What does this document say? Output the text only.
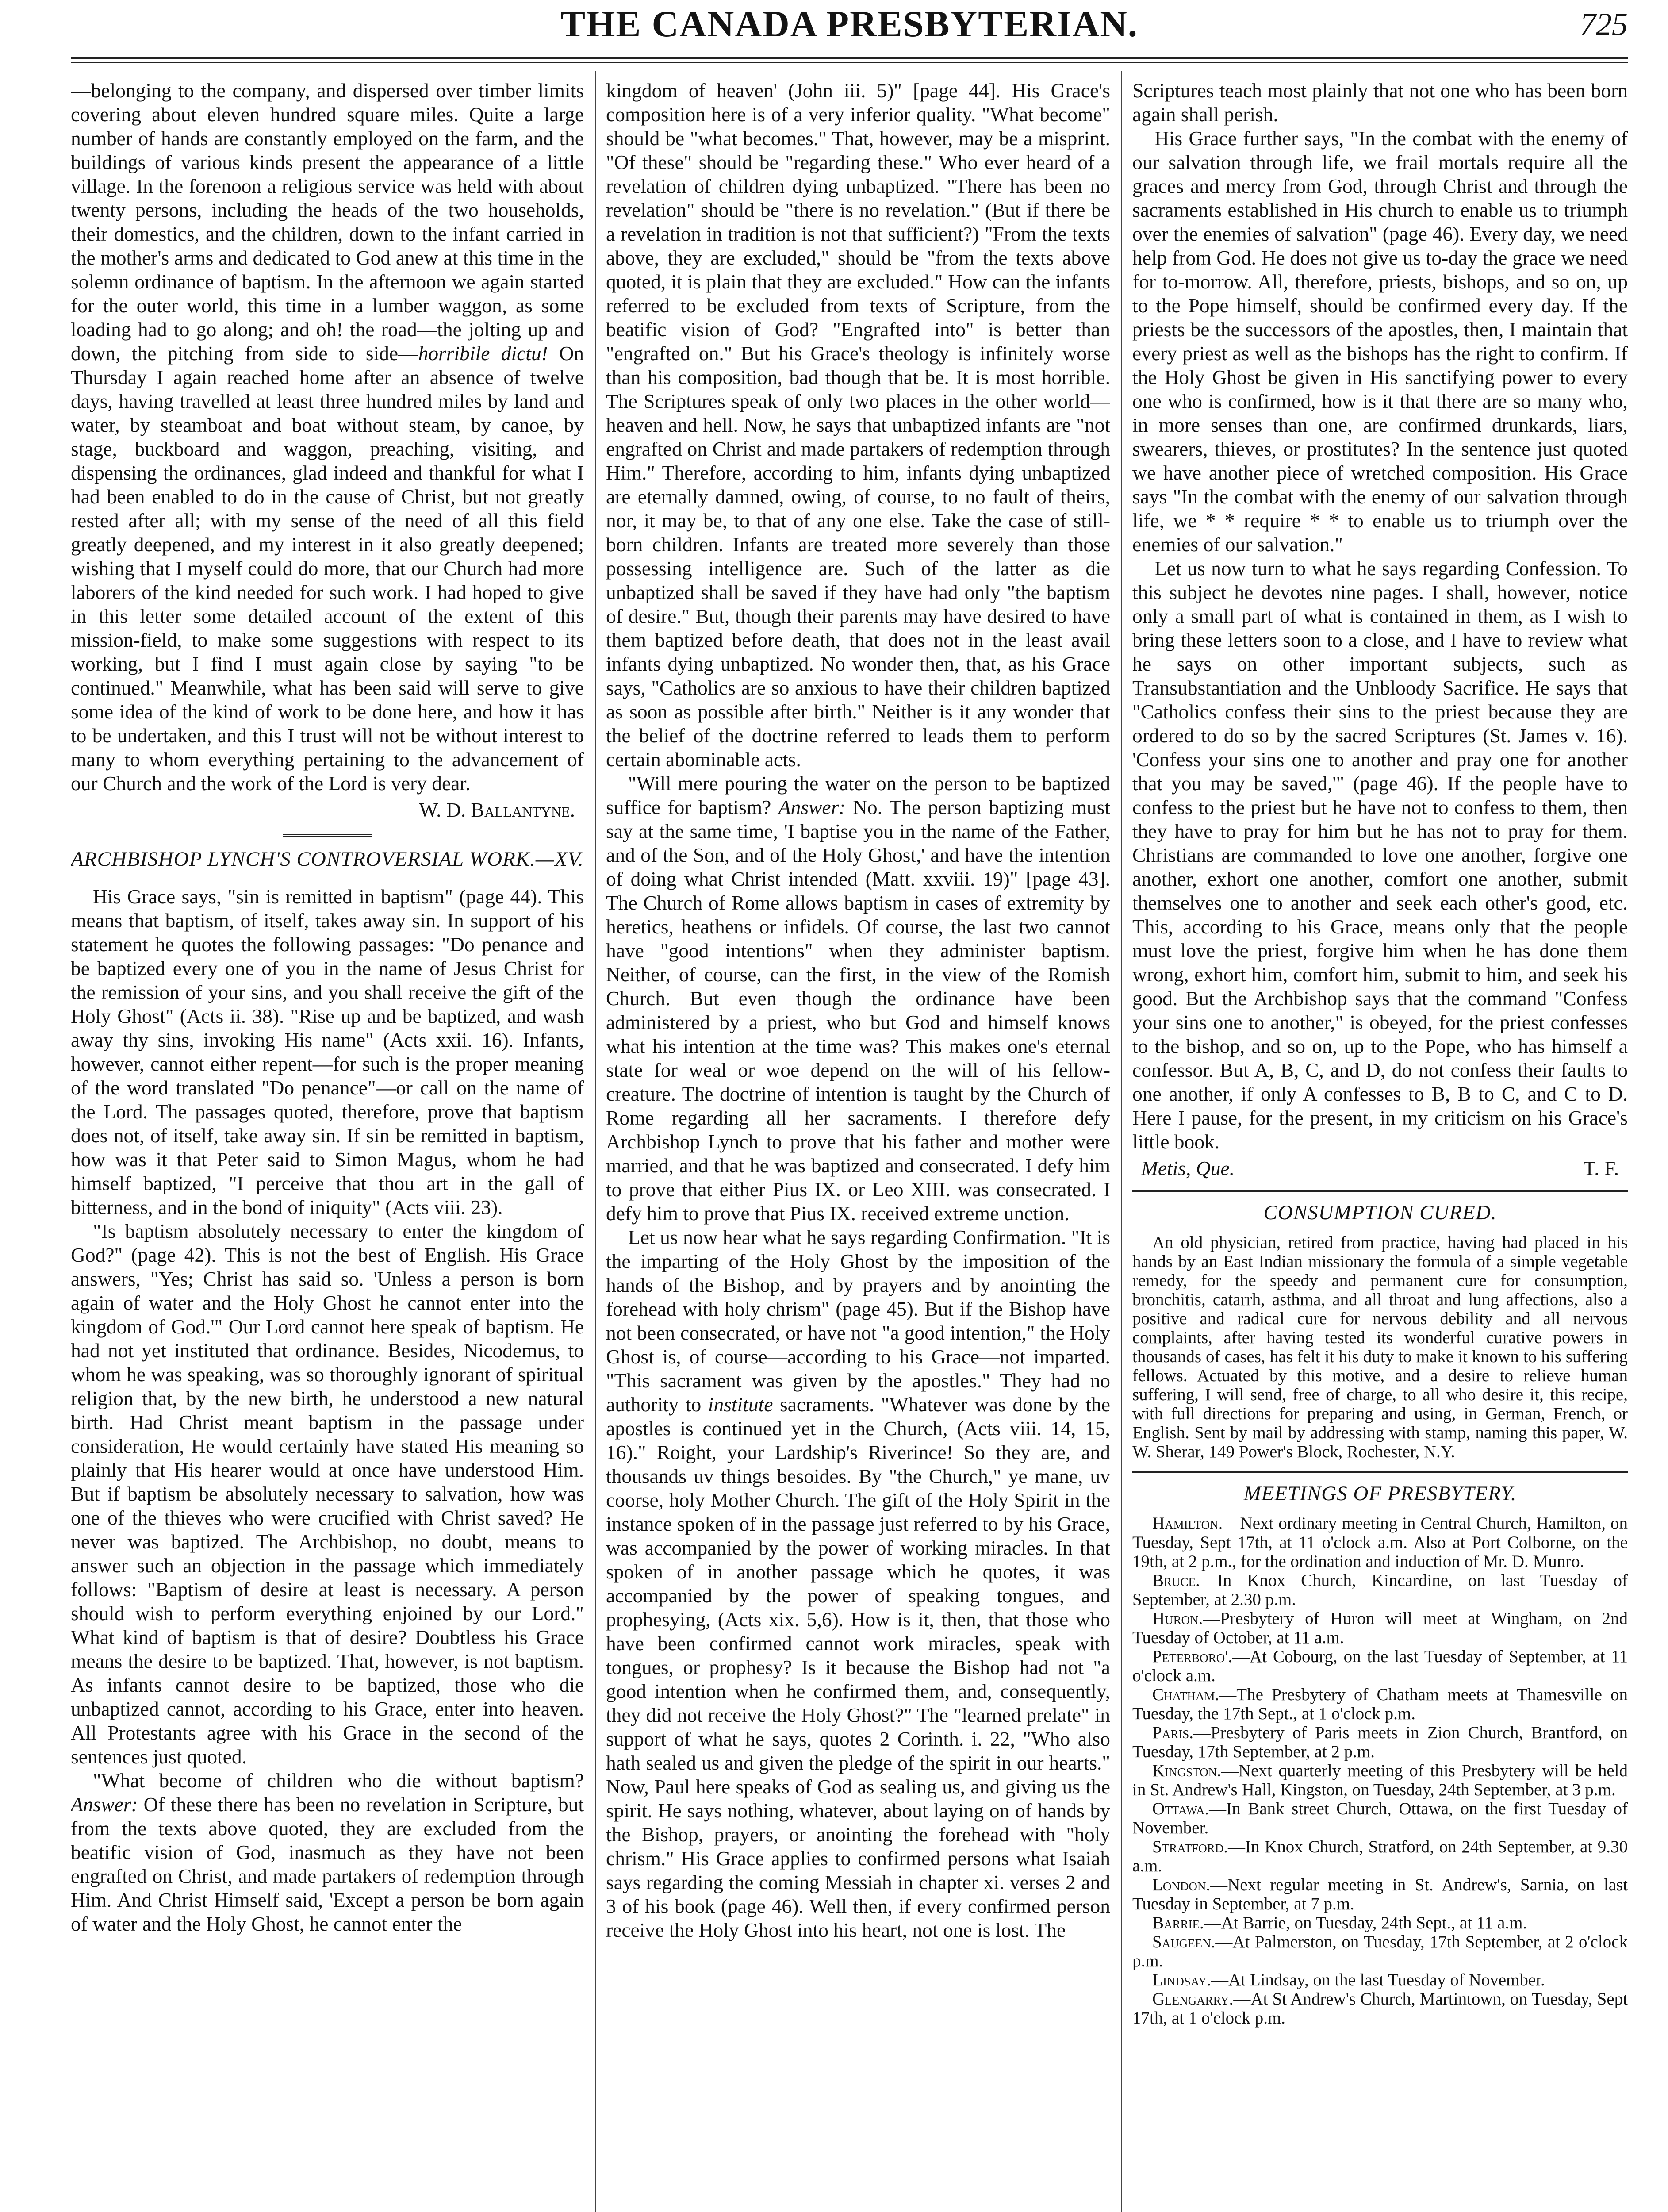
THE CANADA PRESBYTERIAN.	725

—belonging to the company, and dispersed over timber limits covering about eleven hundred square miles. Quite a large number of hands are constantly employed on the farm, and the buildings of various kinds present the appearance of a little village. In the forenoon a religious service was held with about twenty persons, including the heads of the two households, their domestics, and the children, down to the infant carried in the mother's arms and dedicated to God anew at this time in the solemn ordinance of baptism. In the afternoon we again started for the outer world, this time in a lumber waggon, as some loading had to go along; and oh! the road—the jolting up and down, the pitching from side to side—horribile dictu! On Thursday I again reached home after an absence of twelve days, having travelled at least three hundred miles by land and water, by steamboat and boat without steam, by canoe, by stage, buckboard and waggon, preaching, visiting, and dispensing the ordinances, glad indeed and thankful for what I had been enabled to do in the cause of Christ, but not greatly rested after all; with my sense of the need of all this field greatly deepened, and my interest in it also greatly deepened; wishing that I myself could do more, that our Church had more laborers of the kind needed for such work. I had hoped to give in this letter some detailed account of the extent of this mission-field, to make some suggestions with respect to its working, but I find I must again close by saying "to be continued." Meanwhile, what has been said will serve to give some idea of the kind of work to be done here, and how it has to be undertaken, and this I trust will not be without interest to many to whom everything pertaining to the advancement of our Church and the work of the Lord is very dear.

W. D. Ballantyne.
ARCHBISHOP LYNCH'S CONTROVERSIAL WORK.—XV.

His Grace says, "sin is remitted in baptism" (page 44). This means that baptism, of itself, takes away sin. In support of his statement he quotes the following passages: "Do penance and be baptized every one of you in the name of Jesus Christ for the remission of your sins, and you shall receive the gift of the Holy Ghost" (Acts ii. 38). "Rise up and be baptized, and wash away thy sins, invoking His name" (Acts xxii. 16). Infants, however, cannot either repent—for such is the proper meaning of the word translated "Do penance"—or call on the name of the Lord. The passages quoted, therefore, prove that baptism does not, of itself, take away sin. If sin be remitted in baptism, how was it that Peter said to Simon Magus, whom he had himself baptized, "I perceive that thou art in the gall of bitterness, and in the bond of iniquity" (Acts viii. 23).

"Is baptism absolutely necessary to enter the kingdom of God?" (page 42). This is not the best of English. His Grace answers, "Yes; Christ has said so. 'Unless a person is born again of water and the Holy Ghost he cannot enter into the kingdom of God.'" Our Lord cannot here speak of baptism. He had not yet instituted that ordinance. Besides, Nicodemus, to whom he was speaking, was so thoroughly ignorant of spiritual religion that, by the new birth, he understood a new natural birth. Had Christ meant baptism in the passage under consideration, He would certainly have stated His meaning so plainly that His hearer would at once have understood Him. But if baptism be absolutely necessary to salvation, how was one of the thieves who were crucified with Christ saved? He never was baptized. The Archbishop, no doubt, means to answer such an objection in the passage which immediately follows: "Baptism of desire at least is necessary. A person should wish to perform everything enjoined by our Lord." What kind of baptism is that of desire? Doubtless his Grace means the desire to be baptized. That, however, is not baptism. As infants cannot desire to be baptized, those who die unbaptized cannot, according to his Grace, enter into heaven. All Protestants agree with his Grace in the second of the sentences just quoted.

"What become of children who die without baptism? Answer: Of these there has been no revelation in Scripture, but from the texts above quoted, they are excluded from the beatific vision of God, inasmuch as they have not been engrafted on Christ, and made partakers of redemption through Him. And Christ Himself said, 'Except a person be born again of water and the Holy Ghost, he cannot enter the

kingdom of heaven' (John iii. 5)" [page 44]. His Grace's composition here is of a very inferior quality. "What become" should be "what becomes." That, however, may be a misprint. "Of these" should be "regarding these." Who ever heard of a revelation of children dying unbaptized. "There has been no revelation" should be "there is no revelation." (But if there be a revelation in tradition is not that sufficient?) "From the texts above, they are excluded," should be "from the texts above quoted, it is plain that they are excluded." How can the infants referred to be excluded from texts of Scripture, from the beatific vision of God? "Engrafted into" is better than "engrafted on." But his Grace's theology is infinitely worse than his composition, bad though that be. It is most horrible. The Scriptures speak of only two places in the other world—heaven and hell. Now, he says that unbaptized infants are "not engrafted on Christ and made partakers of redemption through Him." Therefore, according to him, infants dying unbaptized are eternally damned, owing, of course, to no fault of theirs, nor, it may be, to that of any one else. Take the case of still-born children. Infants are treated more severely than those possessing intelligence are. Such of the latter as die unbaptized shall be saved if they have had only "the baptism of desire." But, though their parents may have desired to have them baptized before death, that does not in the least avail infants dying unbaptized. No wonder then, that, as his Grace says, "Catholics are so anxious to have their children baptized as soon as possible after birth." Neither is it any wonder that the belief of the doctrine referred to leads them to perform certain abominable acts.

"Will mere pouring the water on the person to be baptized suffice for baptism? Answer: No. The person baptizing must say at the same time, 'I baptise you in the name of the Father, and of the Son, and of the Holy Ghost,' and have the intention of doing what Christ intended (Matt. xxviii. 19)" [page 43]. The Church of Rome allows baptism in cases of extremity by heretics, heathens or infidels. Of course, the last two cannot have "good intentions" when they administer baptism. Neither, of course, can the first, in the view of the Romish Church. But even though the ordinance have been administered by a priest, who but God and himself knows what his intention at the time was? This makes one's eternal state for weal or woe depend on the will of his fellow-creature. The doctrine of intention is taught by the Church of Rome regarding all her sacraments. I therefore defy Archbishop Lynch to prove that his father and mother were married, and that he was baptized and consecrated. I defy him to prove that either Pius IX. or Leo XIII. was consecrated. I defy him to prove that Pius IX. received extreme unction.

Let us now hear what he says regarding Confirmation. "It is the imparting of the Holy Ghost by the imposition of the hands of the Bishop, and by prayers and by anointing the forehead with holy chrism" (page 45). But if the Bishop have not been consecrated, or have not "a good intention," the Holy Ghost is, of course—according to his Grace—not imparted. "This sacrament was given by the apostles." They had no authority to institute sacraments. "Whatever was done by the apostles is continued yet in the Church, (Acts viii. 14, 15, 16)." Roight, your Lardship's Riverince! So they are, and thousands uv things besoides. By "the Church," ye mane, uv coorse, holy Mother Church. The gift of the Holy Spirit in the instance spoken of in the passage just referred to by his Grace, was accompanied by the power of working miracles. In that spoken of in another passage which he quotes, it was accompanied by the power of speaking tongues, and prophesying, (Acts xix. 5,6). How is it, then, that those who have been confirmed cannot work miracles, speak with tongues, or prophesy? Is it because the Bishop had not "a good intention when he confirmed them, and, consequently, they did not receive the Holy Ghost?" The "learned prelate" in support of what he says, quotes 2 Corinth. i. 22, "Who also hath sealed us and given the pledge of the spirit in our hearts." Now, Paul here speaks of God as sealing us, and giving us the spirit. He says nothing, whatever, about laying on of hands by the Bishop, prayers, or anointing the forehead with "holy chrism." His Grace applies to confirmed persons what Isaiah says regarding the coming Messiah in chapter xi. verses 2 and 3 of his book (page 46). Well then, if every confirmed person receive the Holy Ghost into his heart, not one is lost. The

Scriptures teach most plainly that not one who has been born again shall perish.

His Grace further says, "In the combat with the enemy of our salvation through life, we frail mortals require all the graces and mercy from God, through Christ and through the sacraments established in His church to enable us to triumph over the enemies of salvation" (page 46). Every day, we need help from God. He does not give us to-day the grace we need for to-morrow. All, therefore, priests, bishops, and so on, up to the Pope himself, should be confirmed every day. If the priests be the successors of the apostles, then, I maintain that every priest as well as the bishops has the right to confirm. If the Holy Ghost be given in His sanctifying power to every one who is confirmed, how is it that there are so many who, in more senses than one, are confirmed drunkards, liars, swearers, thieves, or prostitutes? In the sentence just quoted we have another piece of wretched composition. His Grace says "In the combat with the enemy of our salvation through life, we * * require * * to enable us to triumph over the enemies of our salvation."

Let us now turn to what he says regarding Confession. To this subject he devotes nine pages. I shall, however, notice only a small part of what is contained in them, as I wish to bring these letters soon to a close, and I have to review what he says on other important subjects, such as Transubstantiation and the Unbloody Sacrifice. He says that "Catholics confess their sins to the priest because they are ordered to do so by the sacred Scriptures (St. James v. 16). 'Confess your sins one to another and pray one for another that you may be saved,'" (page 46). If the people have to confess to the priest but he have not to confess to them, then they have to pray for him but he has not to pray for them. Christians are commanded to love one another, forgive one another, exhort one another, comfort one another, submit themselves one to another and seek each other's good, etc. This, according to his Grace, means only that the people must love the priest, forgive him when he has done them wrong, exhort him, comfort him, submit to him, and seek his good. But the Archbishop says that the command "Confess your sins one to another," is obeyed, for the priest confesses to the bishop, and so on, up to the Pope, who has himself a confessor. But A, B, C, and D, do not confess their faults to one another, if only A confesses to B, B to C, and C to D. Here I pause, for the present, in my criticism on his Grace's little book.

Metis, Que.	T. F.
CONSUMPTION CURED.

An old physician, retired from practice, having had placed in his hands by an East Indian missionary the formula of a simple vegetable remedy, for the speedy and permanent cure for consumption, bronchitis, catarrh, asthma, and all throat and lung affections, also a positive and radical cure for nervous debility and all nervous complaints, after having tested its wonderful curative powers in thousands of cases, has felt it his duty to make it known to his suffering fellows. Actuated by this motive, and a desire to relieve human suffering, I will send, free of charge, to all who desire it, this recipe, with full directions for preparing and using, in German, French, or English. Sent by mail by addressing with stamp, naming this paper, W. W. Sherar, 149 Power's Block, Rochester, N.Y.

MEETINGS OF PRESBYTERY.

Hamilton.—Next ordinary meeting in Central Church, Hamilton, on Tuesday, Sept 17th, at 11 o'clock a.m. Also at Port Colborne, on the 19th, at 2 p.m., for the ordination and induction of Mr. D. Munro.

Bruce.—In Knox Church, Kincardine, on last Tuesday of September, at 2.30 p.m.

Huron.—Presbytery of Huron will meet at Wingham, on 2nd Tuesday of October, at 11 a.m.

Peterboro'.—At Cobourg, on the last Tuesday of September, at 11 o'clock a.m.

Chatham.—The Presbytery of Chatham meets at Thamesville on Tuesday, the 17th Sept., at 1 o'clock p.m.

Paris.—Presbytery of Paris meets in Zion Church, Brantford, on Tuesday, 17th September, at 2 p.m.

Kingston.—Next quarterly meeting of this Presbytery will be held in St. Andrew's Hall, Kingston, on Tuesday, 24th September, at 3 p.m.

Ottawa.—In Bank street Church, Ottawa, on the first Tuesday of November.

Stratford.—In Knox Church, Stratford, on 24th September, at 9.30 a.m.

London.—Next regular meeting in St. Andrew's, Sarnia, on last Tuesday in September, at 7 p.m.

Barrie.—At Barrie, on Tuesday, 24th Sept., at 11 a.m.

Saugeen.—At Palmerston, on Tuesday, 17th September, at 2 o'clock p.m.

Lindsay.—At Lindsay, on the last Tuesday of November.

Glengarry.—At St Andrew's Church, Martintown, on Tuesday, Sept 17th, at 1 o'clock p.m.
